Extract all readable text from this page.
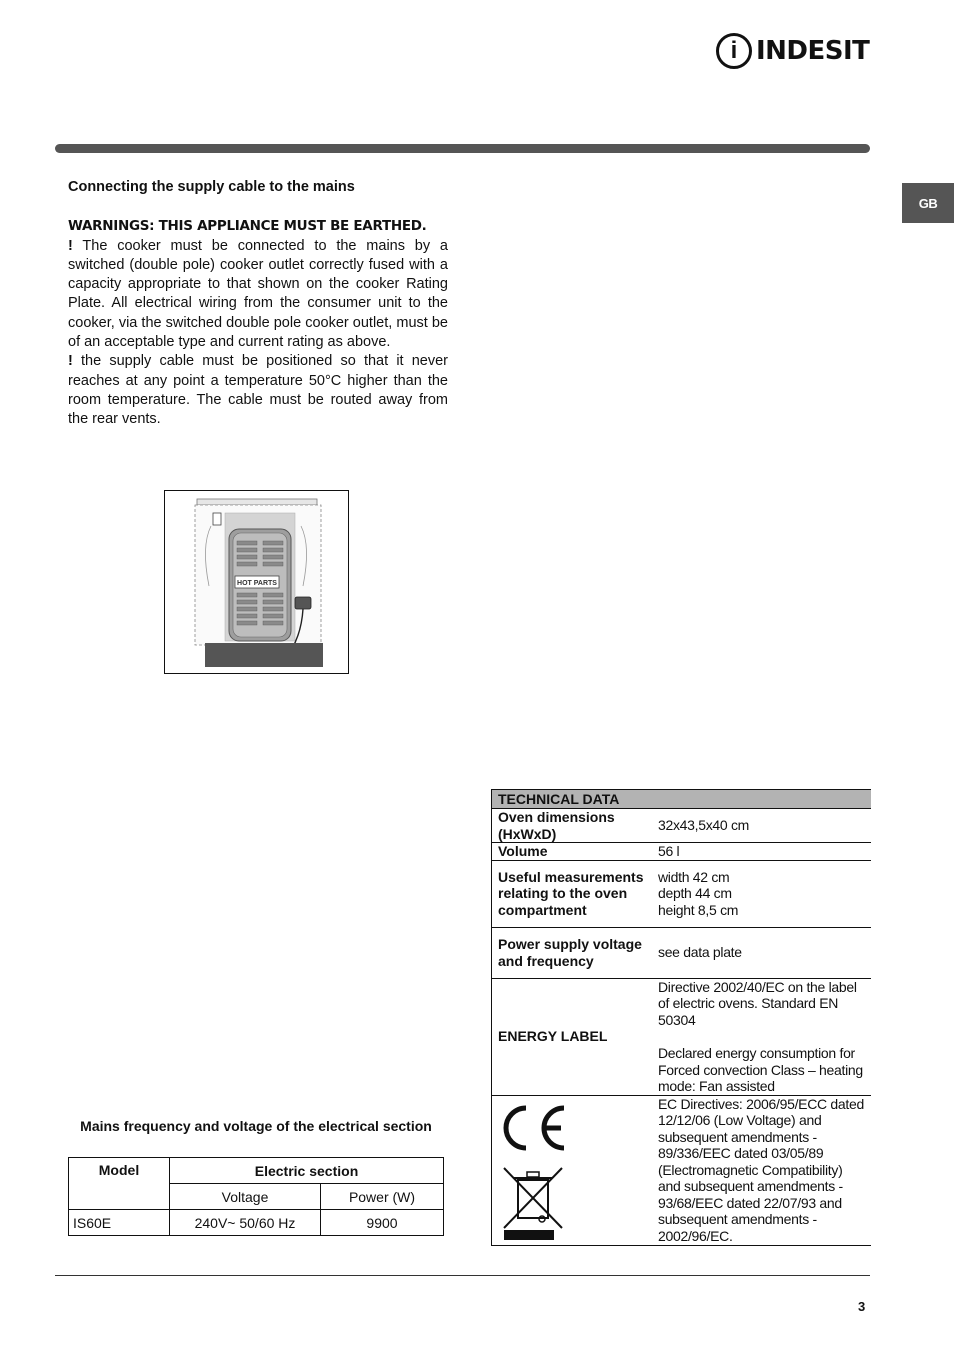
i INDESIT
GB
Connecting the supply cable to the mains
WARNINGS: THIS APPLIANCE MUST BE EARTHED.

! The cooker must be connected to the mains by a switched (double pole) cooker outlet correctly fused with a capacity appropriate to that shown on the cooker Rating Plate. All electrical wiring from the consumer unit to the cooker, via the switched double pole cooker outlet, must be of an acceptable type and current rating as above.

! the supply cable must be positioned so that it never reaches at any point a temperature 50°C higher than the room temperature. The cable must be routed away from the rear vents.

HOT PARTS
Mains frequency and voltage of the electrical section
Model	Electric section	
	Voltage	Power (W)
IS60E	240V~ 50/60 Hz	9900
TECHNICAL DATA	
Oven dimensions (HxWxD)	32x43,5x40 cm
Volume	56 l
Useful measurements relating to the oven compartment	width 42 cm
depth 44 cm
height 8,5 cm
Power supply voltage and frequency	see data plate
ENERGY LABEL	Directive 2002/40/EC on the label of electric ovens. Standard EN 50304
Declared energy consumption for Forced convection Class – heating mode: Fan assisted

	EC Directives: 2006/95/ECC dated 12/12/06 (Low Voltage) and subsequent amendments - 89/336/EEC dated 03/05/89 (Electromagnetic Compatibility) and subsequent amendments - 93/68/EEC dated 22/07/93 and subsequent amendments - 2002/96/EC.
3
